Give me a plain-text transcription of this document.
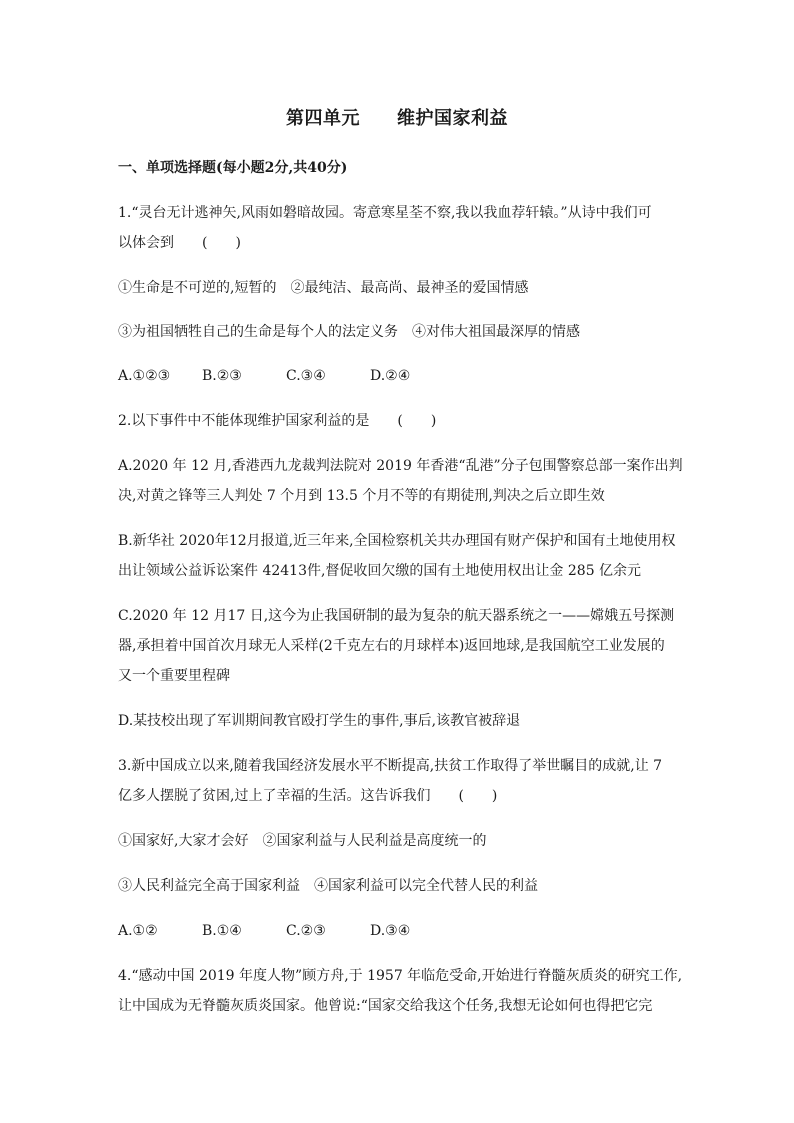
第四单元　　维护国家利益
一、单项选择题(每小题2分,共40分)
1.“灵台无计逃神矢,风雨如磐暗故园。寄意寒星荃不察,我以我血荐轩辕。”从诗中我们可
以体会到　　(　　)
①生命是不可逆的,短暂的　②最纯洁、最高尚、最神圣的爱国情感
③为祖国牺牲自己的生命是每个人的法定义务　④对伟大祖国最深厚的情感
A.①②③	B.②③	C.③④	D.②④
2.以下事件中不能体现维护国家利益的是　　(　　)
A.2020 年 12 月,香港西九龙裁判法院对 2019 年香港“乱港”分子包围警察总部一案作出判
决,对黄之锋等三人判处 7 个月到 13.5 个月不等的有期徒刑,判决之后立即生效
B.新华社 2020年12月报道,近三年来,全国检察机关共办理国有财产保护和国有土地使用权
出让领域公益诉讼案件 42413件,督促收回欠缴的国有土地使用权出让金 285 亿余元
C.2020 年 12 月17 日,这今为止我国研制的最为复杂的航天器系统之一——嫦娥五号探测
器,承担着中国首次月球无人采样(2千克左右的月球样本)返回地球,是我国航空工业发展的
又一个重要里程碑
D.某技校出现了军训期间教官殴打学生的事件,事后,该教官被辞退
3.新中国成立以来,随着我国经济发展水平不断提高,扶贫工作取得了举世瞩目的成就,让 7
亿多人摆脱了贫困,过上了幸福的生活。这告诉我们　　(　　)
①国家好,大家才会好　②国家利益与人民利益是高度统一的
③人民利益完全高于国家利益　④国家利益可以完全代替人民的利益
A.①②	B.①④	C.②③	D.③④
4.“感动中国 2019 年度人物”顾方舟,于 1957 年临危受命,开始进行脊髓灰质炎的研究工作,
让中国成为无脊髓灰质炎国家。他曾说:“国家交给我这个任务,我想无论如何也得把它完
